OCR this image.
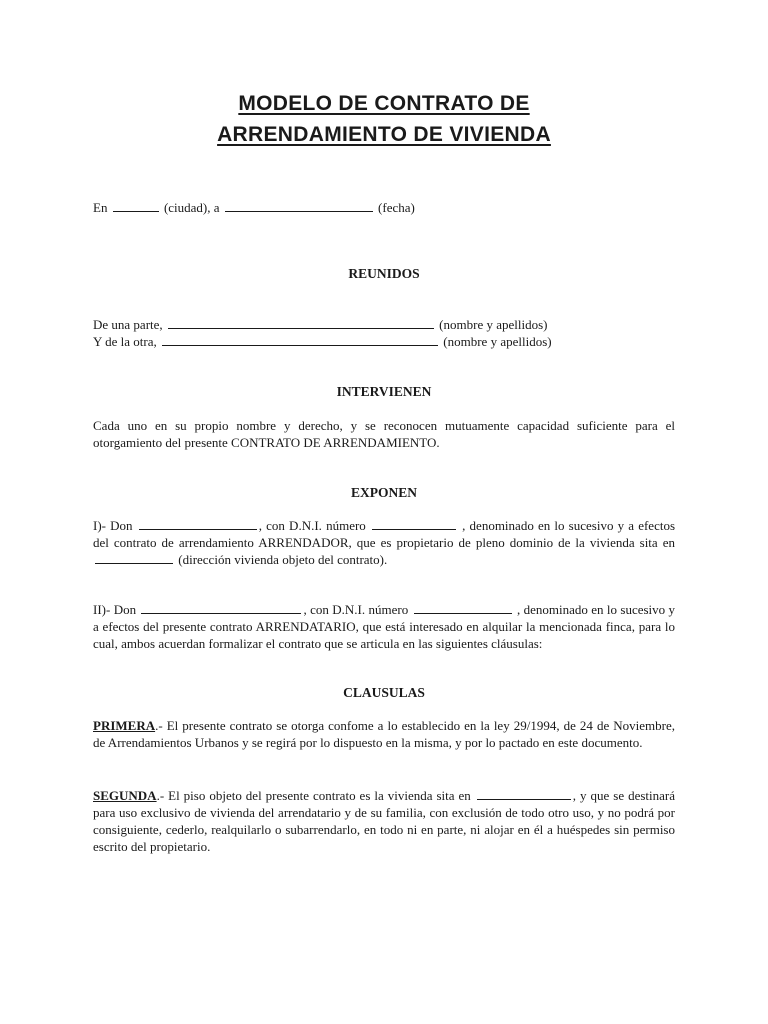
MODELO DE CONTRATO DE
ARRENDAMIENTO DE VIVIENDA
En	(ciudad), a	(fecha)
REUNIDOS
De una parte,	(nombre y apellidos)
Y de la otra,	(nombre y apellidos)
INTERVIENEN
Cada uno en su propio nombre y derecho, y se reconocen mutuamente capacidad suficiente para el otorgamiento del presente CONTRATO DE ARRENDAMIENTO.
EXPONEN
I)- Don	, con D.N.I. número	, denominado en lo sucesivo y a efectos del contrato de arrendamiento ARRENDADOR, que es propietario de pleno dominio de la vivienda sita en  (dirección vivienda objeto del contrato).
II)- Don	, con D.N.I. número	, denominado en lo sucesivo y a efectos del presente contrato ARRENDATARIO, que está interesado en alquilar la mencionada finca, para lo cual, ambos acuerdan formalizar el contrato que se articula en las siguientes cláusulas:
CLAUSULAS
PRIMERA.- El presente contrato se otorga confome a lo establecido en la ley 29/1994, de 24 de Noviembre, de Arrendamientos Urbanos y se regirá por lo dispuesto en la misma, y por lo pactado en este documento.
SEGUNDA.- El piso objeto del presente contrato es la vivienda sita en	, y que se destinará para uso exclusivo de vivienda del arrendatario y de su familia, con exclusión de todo otro uso, y no podrá por consiguiente, cederlo, realquilarlo o subarrendarlo, en todo ni en parte, ni alojar en él a huéspedes sin permiso escrito del propietario.
